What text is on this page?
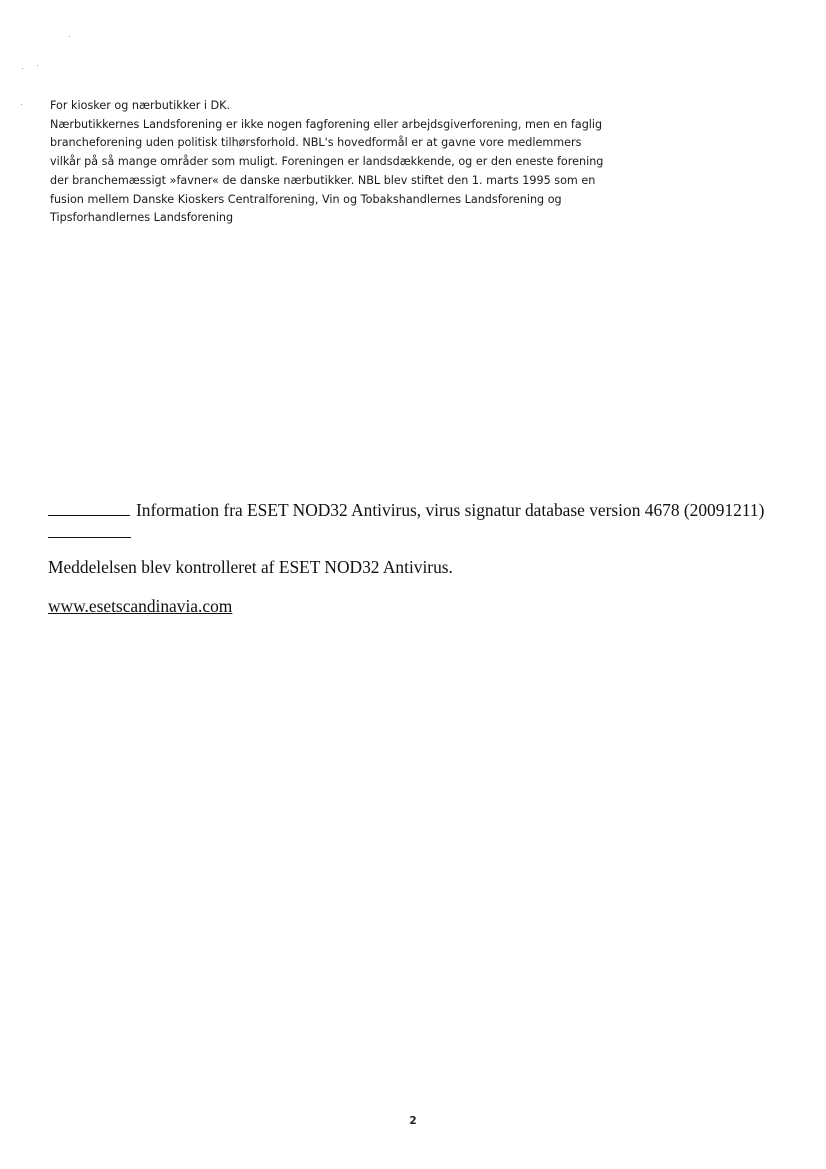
For kiosker og nærbutikker i DK.
Nærbutikkernes Landsforening er ikke nogen fagforening eller arbejdsgiverforening, men en faglig
brancheforening uden politisk tilhørsforhold. NBL's hovedformål er at gavne vore medlemmers
vilkår på så mange områder som muligt. Foreningen er landsdækkende, og er den eneste forening
der branchemæssigt »favner« de danske nærbutikker. NBL blev stiftet den 1. marts 1995 som en
fusion mellem Danske Kioskers Centralforening, Vin og Tobakshandlernes Landsforening og
Tipsforhandlernes Landsforening
Information fra ESET NOD32 Antivirus, virus signatur database version 4678 (20091211)
Meddelelsen blev kontrolleret af ESET NOD32 Antivirus.
www.esetscandinavia.com
2
